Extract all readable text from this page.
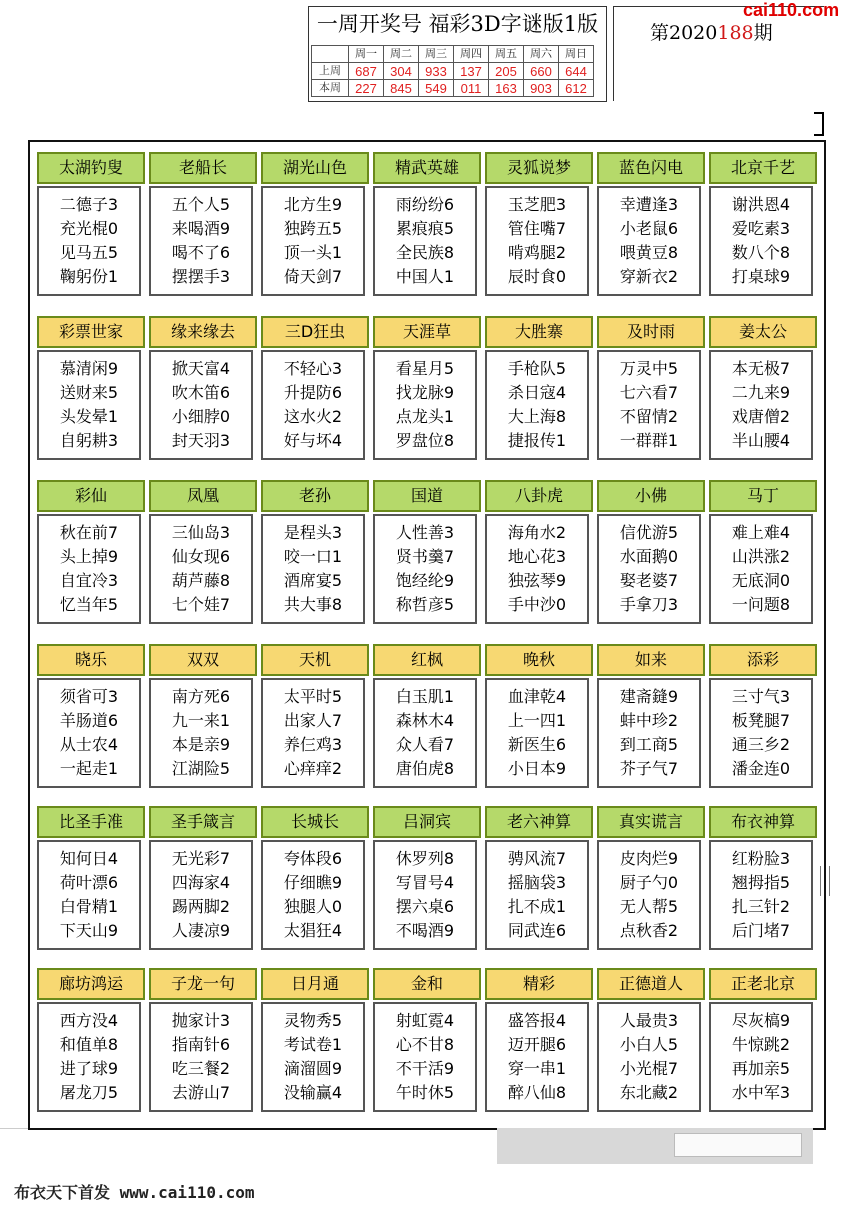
一周开奖号 福彩3D字谜版1版
	周一	周二	周三	周四	周五	周六	周日
上周	687	304	933	137	205	660	644
本周	227	845	549	011	163	903	612
第2020188期
cai110.com
太湖钓叟
二德子3
充光棍0
见马五5
鞠躬份1
老船长
五个人5
来喝酒9
喝不了6
摆摆手3
湖光山色
北方生9
独跨五5
顶一头1
倚天剑7
精武英雄
雨纷纷6
累痕痕5
全民族8
中国人1
灵狐说梦
玉芝肥3
管住嘴7
啃鸡腿2
辰时食0
蓝色闪电
幸遭逢3
小老鼠6
喂黄豆8
穿新衣2
北京千艺
谢洪恩4
爱吃素3
数八个8
打桌球9
彩票世家
慕清闲9
送财来5
头发晕1
自躬耕3
缘来缘去
掀天富4
吹木笛6
小细脖0
封天羽3
三D狂虫
不轻心3
升提防6
这水火2
好与坏4
天涯草
看星月5
找龙脉9
点龙头1
罗盘位8
大胜寨
手枪队5
杀日寇4
大上海8
捷报传1
及时雨
万灵中5
七六看7
不留情2
一群群1
姜太公
本无极7
二九来9
戏唐僧2
半山腰4
彩仙
秋在前7
头上掉9
自宜冷3
忆当年5
凤凰
三仙岛3
仙女现6
葫芦藤8
七个娃7
老孙
是程头3
咬一口1
酒席宴5
共大事8
国道
人性善3
贤书羹7
饱经纶9
称哲彦5
八卦虎
海角水2
地心花3
独弦琴9
手中沙0
小佛
信优游5
水面鹅0
娶老婆7
手拿刀3
马丁
难上难4
山洪涨2
无底洞0
一问题8
晓乐
须省可3
羊肠道6
从士农4
一起走1
双双
南方死6
九一来1
本是亲9
江湖险5
天机
太平时5
出家人7
养仨鸡3
心痒痒2
红枫
白玉肌1
森林木4
众人看7
唐伯虎8
晚秋
血津乾4
上一四1
新医生6
小日本9
如来
建斋鏠9
蚌中珍2
到工商5
芥子气7
添彩
三寸气3
板凳腿7
通三乡2
潘金连0
比圣手准
知何日4
荷叶漂6
白骨精1
下天山9
圣手箴言
无光彩7
四海家4
踢两脚2
人凄凉9
长城长
夸体段6
仔细瞧9
独腿人0
太猖狂4
吕洞宾
休罗列8
写冒号4
摆六桌6
不喝酒9
老六神算
骋风流7
摇脑袋3
扎不成1
同武连6
真实谎言
皮肉烂9
厨子勺0
无人帮5
点秋香2
布衣神算
红粉脸3
翘拇指5
扎三针2
后门堵7
廊坊鸿运
西方没4
和值单8
进了球9
屠龙刀5
子龙一句
抛家计3
指南针6
吃三餐2
去游山7
日月通
灵物秀5
考试卷1
滴溜圆9
没输赢4
金和
射虹霓4
心不甘8
不干活9
午时休5
精彩
盛答报4
迈开腿6
穿一串1
醉八仙8
正德道人
人最贵3
小白人5
小光棍7
东北藏2
正老北京
尽灰槁9
牛惊跳2
再加亲5
水中军3
布衣天下首发 www.cai110.com
